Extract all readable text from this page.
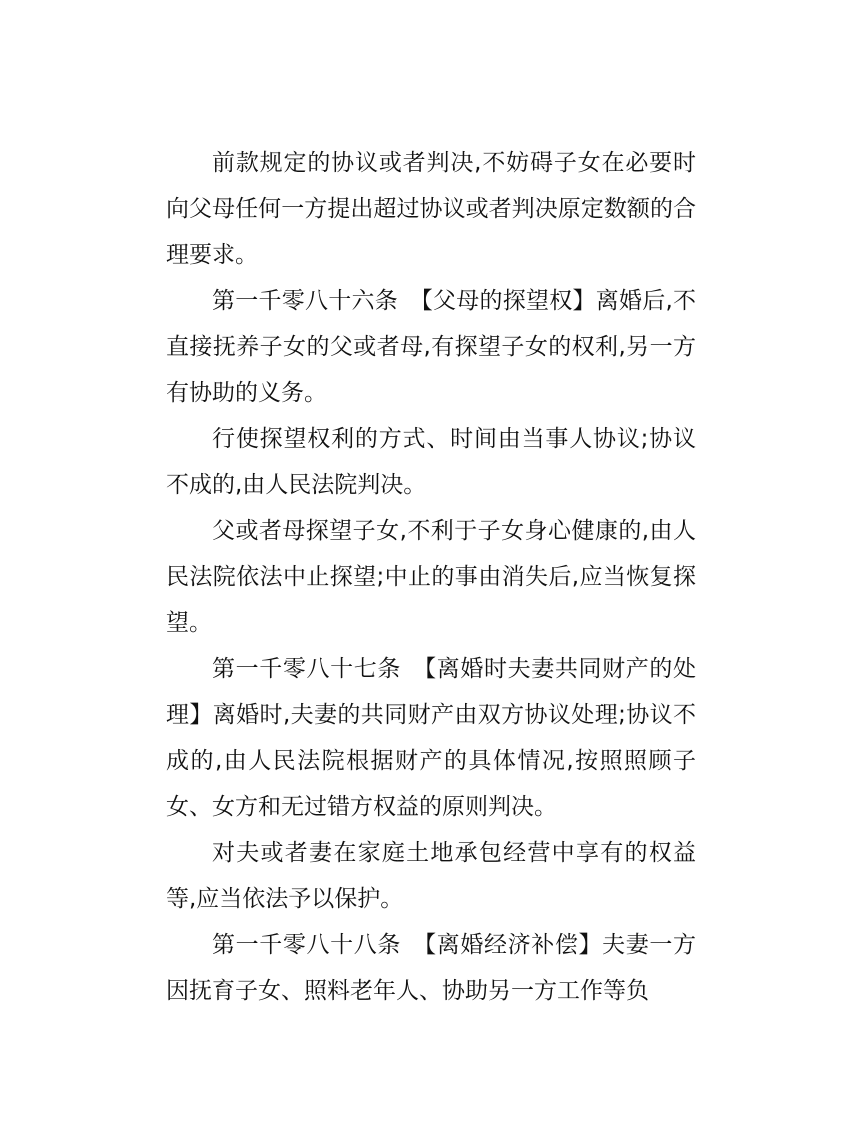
前款规定的协议或者判决,不妨碍子女在必要时向父母任何一方提出超过协议或者判决原定数额的合理要求。

第一千零八十六条　【父母的探望权】离婚后,不直接抚养子女的父或者母,有探望子女的权利,另一方有协助的义务。

行使探望权利的方式、时间由当事人协议;协议不成的,由人民法院判决。

父或者母探望子女,不利于子女身心健康的,由人民法院依法中止探望;中止的事由消失后,应当恢复探望。

第一千零八十七条　【离婚时夫妻共同财产的处理】离婚时,夫妻的共同财产由双方协议处理;协议不成的,由人民法院根据财产的具体情况,按照照顾子女、女方和无过错方权益的原则判决。

对夫或者妻在家庭土地承包经营中享有的权益等,应当依法予以保护。

第一千零八十八条　【离婚经济补偿】夫妻一方因抚育子女、照料老年人、协助另一方工作等负
